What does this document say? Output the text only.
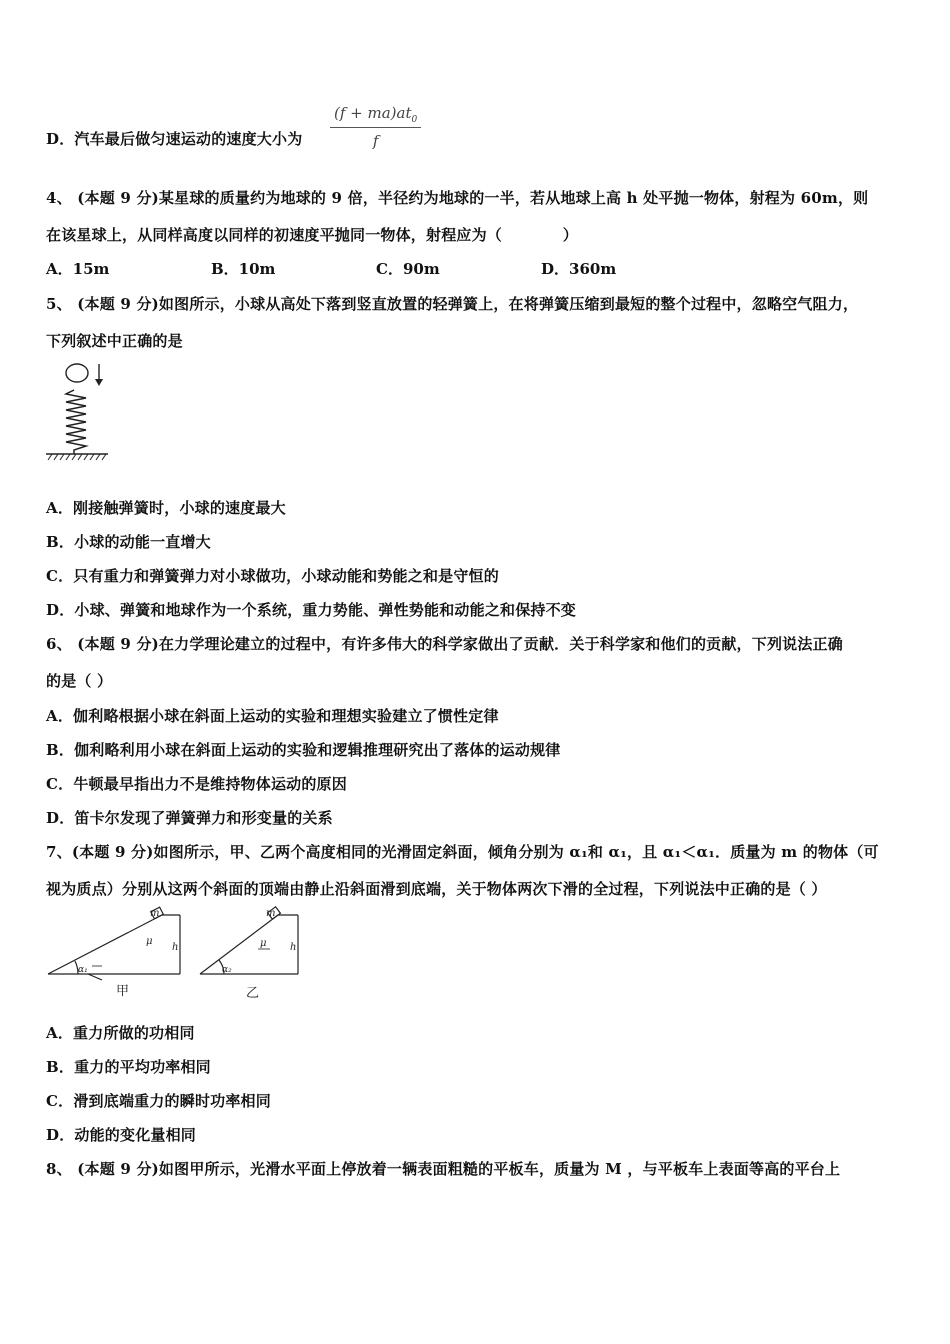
D．汽车最后做匀速运动的速度大小为 $\frac{(f + ma)at_0}{f}$
4、 (本题 9 分)某星球的质量约为地球的 9 倍，半径约为地球的一半，若从地球上高 h 处平抛一物体，射程为 60m，则
在该星球上，从同样高度以同样的初速度平抛同一物体，射程应为（　　　　）
A．15m	B．10m	C．90m	D．360m
5、 (本题 9 分)如图所示，小球从高处下落到竖直放置的轻弹簧上，在将弹簧压缩到最短的整个过程中，忽略空气阻力，
下列叙述中正确的是
A．刚接触弹簧时，小球的速度最大
B．小球的动能一直增大
C．只有重力和弹簧弹力对小球做功，小球动能和势能之和是守恒的
D．小球、弹簧和地球作为一个系统，重力势能、弹性势能和动能之和保持不变
6、 (本题 9 分)在力学理论建立的过程中，有许多伟大的科学家做出了贡献．关于科学家和他们的贡献，下列说法正确
的是（ ）
A．伽利略根据小球在斜面上运动的实验和理想实验建立了惯性定律
B．伽利略利用小球在斜面上运动的实验和逻辑推理研究出了落体的运动规律
C．牛顿最早指出力不是维持物体运动的原因
D．笛卡尔发现了弹簧弹力和形变量的关系
7、(本题 9 分)如图所示，甲、乙两个高度相同的光滑固定斜面，倾角分别为 α₁和 α₁，且 α₁＜α₁．质量为 m 的物体（可
视为质点）分别从这两个斜面的顶端由静止沿斜面滑到底端，关于物体两次下滑的全过程，下列说法中正确的是（ ）
m
μ
h
α₁
甲
m
μ h
α₂
乙
A．重力所做的功相同
B．重力的平均功率相同
C．滑到底端重力的瞬时功率相同
D．动能的变化量相同
8、 (本题 9 分)如图甲所示，光滑水平面上停放着一辆表面粗糙的平板车，质量为 M ，与平板车上表面等高的平台上
